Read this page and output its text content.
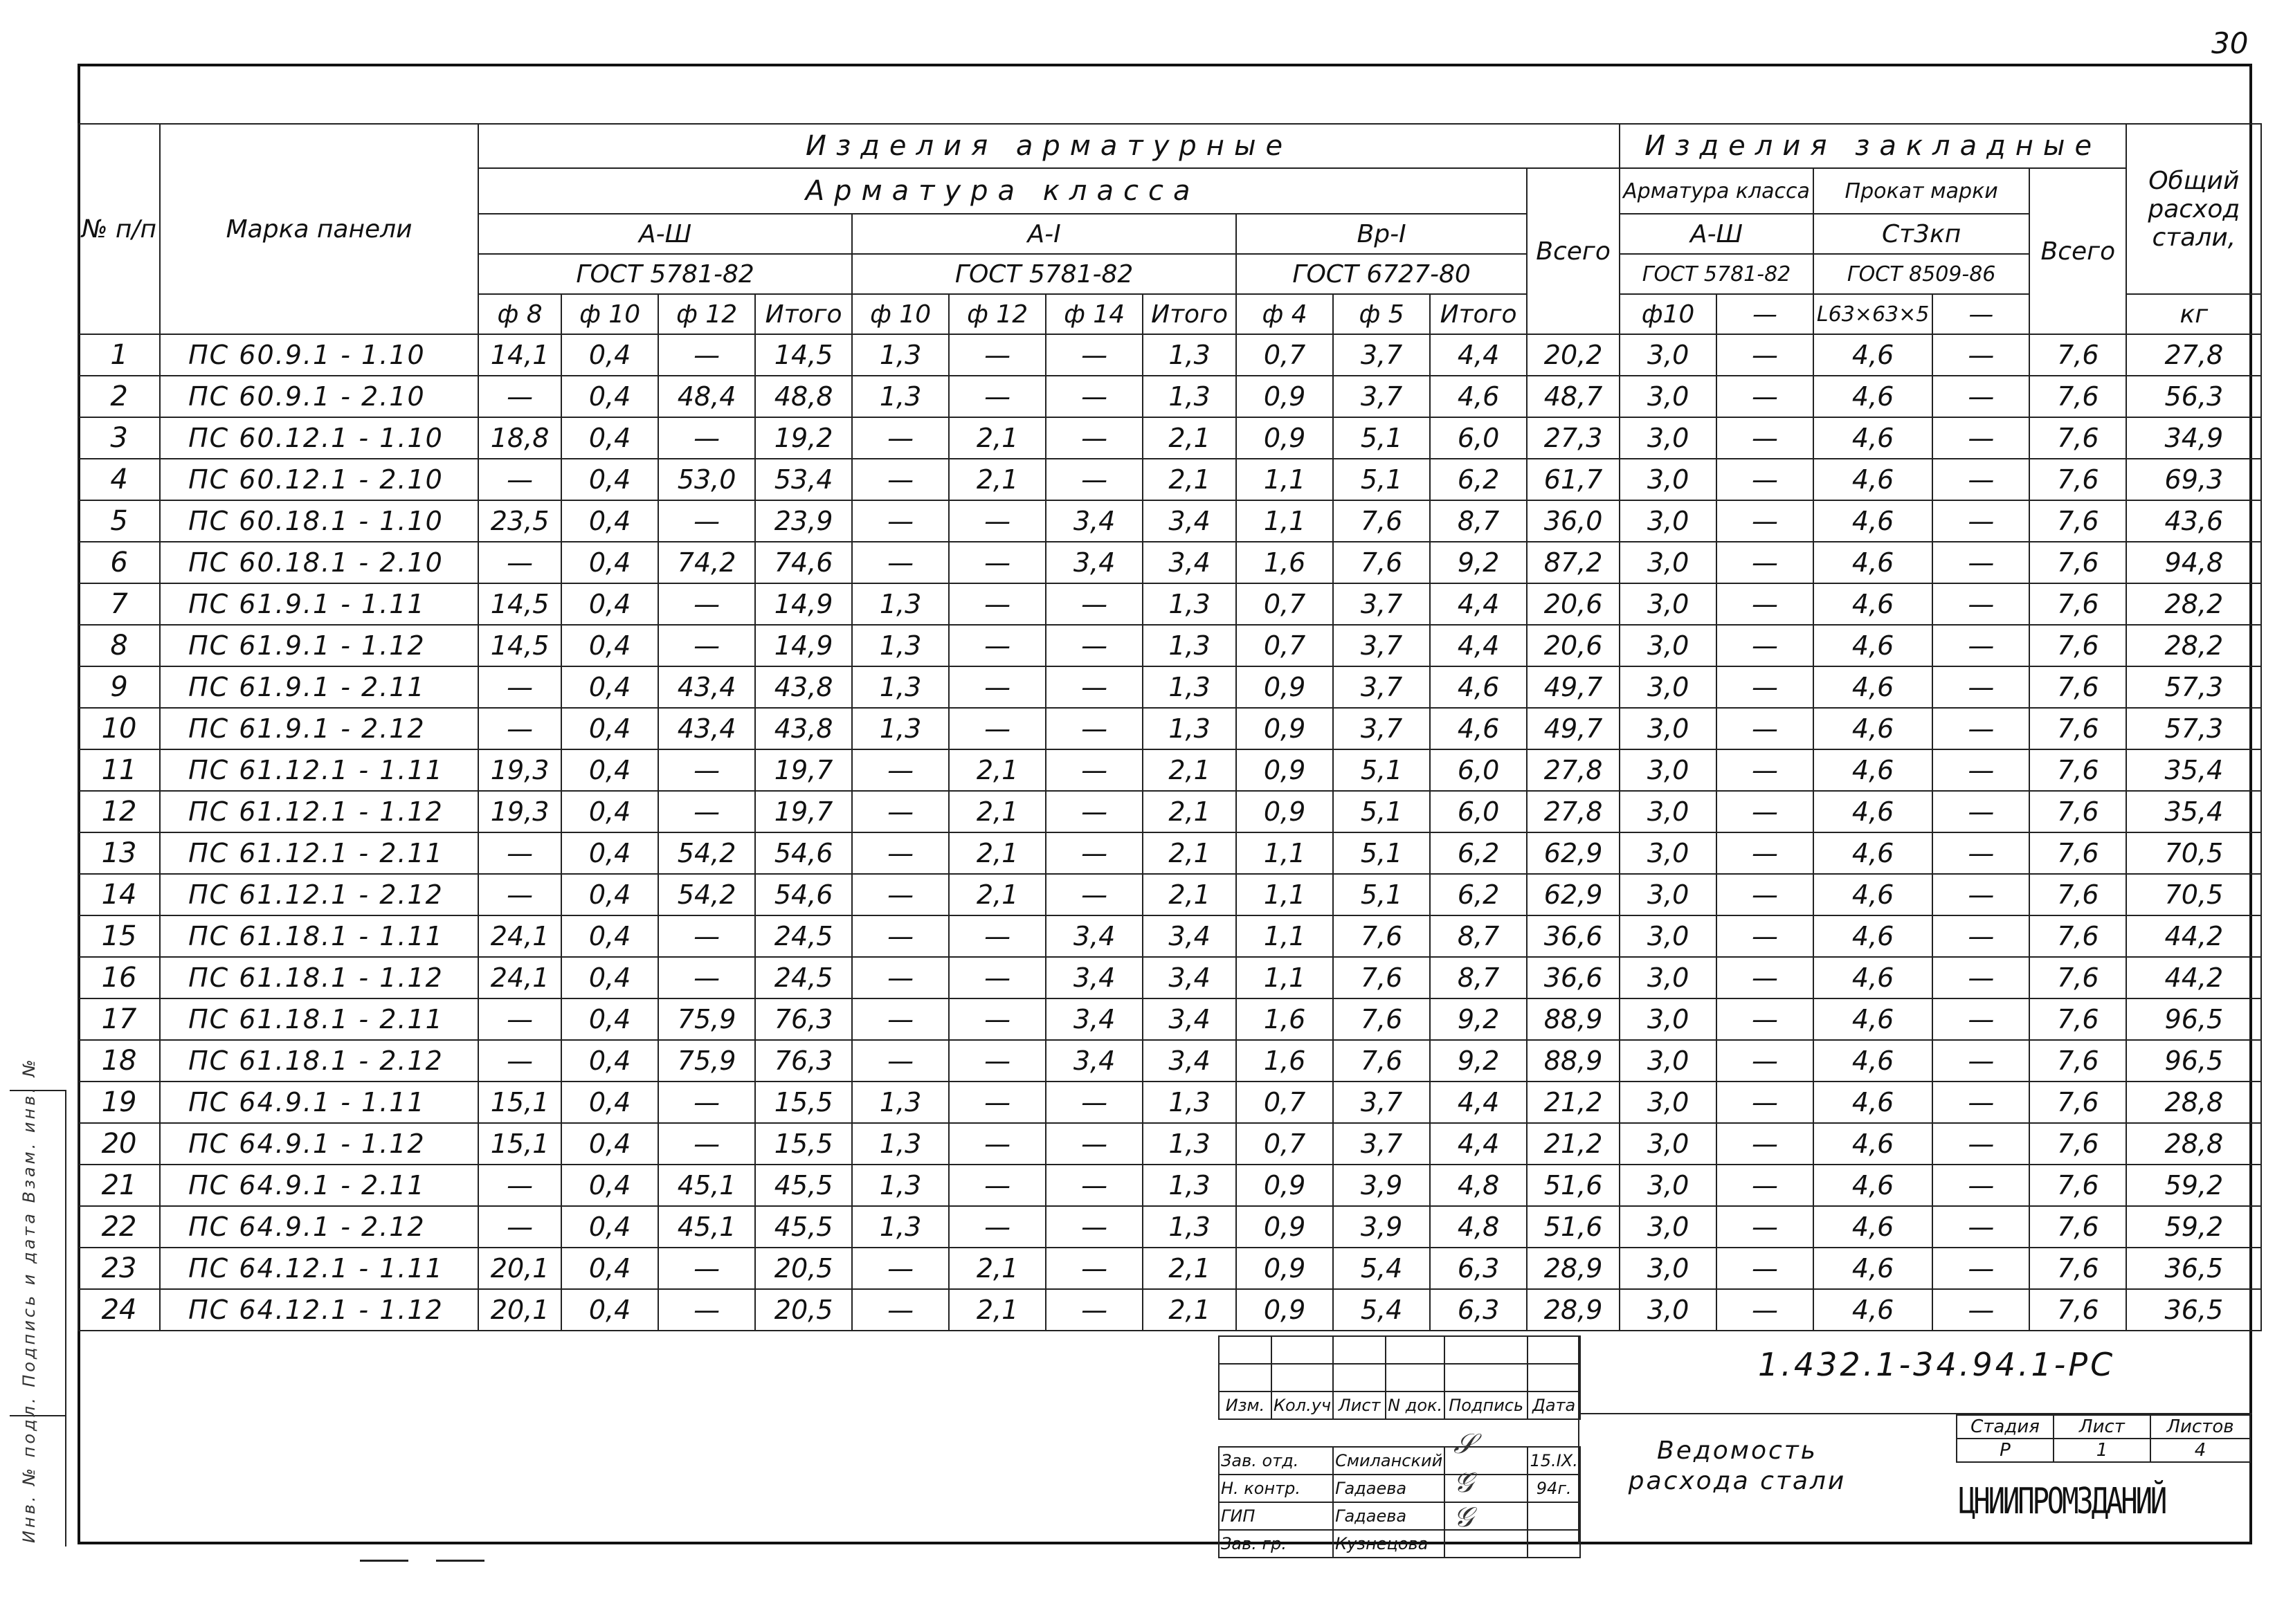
30
№ п/п	Марка панели	Изделия арматурные												Изделия закладные					Общий расход стали,
		Арматура класса											Всего	Арматура класса		Прокат марки		Всего	
		А-Ш				А-I				Вр-I				А-Ш		Ст3кп			
		ГОСТ 5781-82				ГОСТ 5781-82				ГОСТ 6727-80				ГОСТ 5781-82		ГОСТ 8509-86			
		ф 8	ф 10	ф 12	Итого	ф 10	ф 12	ф 14	Итого	ф 4	ф 5	Итого		ф10	—	L63×63×5	—		кг
1	ПС 60.9.1 - 1.10	14,1	0,4	—	14,5	1,3	—	—	1,3	0,7	3,7	4,4	20,2	3,0	—	4,6	—	7,6	27,8
2	ПС 60.9.1 - 2.10	—	0,4	48,4	48,8	1,3	—	—	1,3	0,9	3,7	4,6	48,7	3,0	—	4,6	—	7,6	56,3
3	ПС 60.12.1 - 1.10	18,8	0,4	—	19,2	—	2,1	—	2,1	0,9	5,1	6,0	27,3	3,0	—	4,6	—	7,6	34,9
4	ПС 60.12.1 - 2.10	—	0,4	53,0	53,4	—	2,1	—	2,1	1,1	5,1	6,2	61,7	3,0	—	4,6	—	7,6	69,3
5	ПС 60.18.1 - 1.10	23,5	0,4	—	23,9	—	—	3,4	3,4	1,1	7,6	8,7	36,0	3,0	—	4,6	—	7,6	43,6
6	ПС 60.18.1 - 2.10	—	0,4	74,2	74,6	—	—	3,4	3,4	1,6	7,6	9,2	87,2	3,0	—	4,6	—	7,6	94,8
7	ПС 61.9.1 - 1.11	14,5	0,4	—	14,9	1,3	—	—	1,3	0,7	3,7	4,4	20,6	3,0	—	4,6	—	7,6	28,2
8	ПС 61.9.1 - 1.12	14,5	0,4	—	14,9	1,3	—	—	1,3	0,7	3,7	4,4	20,6	3,0	—	4,6	—	7,6	28,2
9	ПС 61.9.1 - 2.11	—	0,4	43,4	43,8	1,3	—	—	1,3	0,9	3,7	4,6	49,7	3,0	—	4,6	—	7,6	57,3
10	ПС 61.9.1 - 2.12	—	0,4	43,4	43,8	1,3	—	—	1,3	0,9	3,7	4,6	49,7	3,0	—	4,6	—	7,6	57,3
11	ПС 61.12.1 - 1.11	19,3	0,4	—	19,7	—	2,1	—	2,1	0,9	5,1	6,0	27,8	3,0	—	4,6	—	7,6	35,4
12	ПС 61.12.1 - 1.12	19,3	0,4	—	19,7	—	2,1	—	2,1	0,9	5,1	6,0	27,8	3,0	—	4,6	—	7,6	35,4
13	ПС 61.12.1 - 2.11	—	0,4	54,2	54,6	—	2,1	—	2,1	1,1	5,1	6,2	62,9	3,0	—	4,6	—	7,6	70,5
14	ПС 61.12.1 - 2.12	—	0,4	54,2	54,6	—	2,1	—	2,1	1,1	5,1	6,2	62,9	3,0	—	4,6	—	7,6	70,5
15	ПС 61.18.1 - 1.11	24,1	0,4	—	24,5	—	—	3,4	3,4	1,1	7,6	8,7	36,6	3,0	—	4,6	—	7,6	44,2
16	ПС 61.18.1 - 1.12	24,1	0,4	—	24,5	—	—	3,4	3,4	1,1	7,6	8,7	36,6	3,0	—	4,6	—	7,6	44,2
17	ПС 61.18.1 - 2.11	—	0,4	75,9	76,3	—	—	3,4	3,4	1,6	7,6	9,2	88,9	3,0	—	4,6	—	7,6	96,5
18	ПС 61.18.1 - 2.12	—	0,4	75,9	76,3	—	—	3,4	3,4	1,6	7,6	9,2	88,9	3,0	—	4,6	—	7,6	96,5
19	ПС 64.9.1 - 1.11	15,1	0,4	—	15,5	1,3	—	—	1,3	0,7	3,7	4,4	21,2	3,0	—	4,6	—	7,6	28,8
20	ПС 64.9.1 - 1.12	15,1	0,4	—	15,5	1,3	—	—	1,3	0,7	3,7	4,4	21,2	3,0	—	4,6	—	7,6	28,8
21	ПС 64.9.1 - 2.11	—	0,4	45,1	45,5	1,3	—	—	1,3	0,9	3,9	4,8	51,6	3,0	—	4,6	—	7,6	59,2
22	ПС 64.9.1 - 2.12	—	0,4	45,1	45,5	1,3	—	—	1,3	0,9	3,9	4,8	51,6	3,0	—	4,6	—	7,6	59,2
23	ПС 64.12.1 - 1.11	20,1	0,4	—	20,5	—	2,1	—	2,1	0,9	5,4	6,3	28,9	3,0	—	4,6	—	7,6	36,5
24	ПС 64.12.1 - 1.12	20,1	0,4	—	20,5	—	2,1	—	2,1	0,9	5,4	6,3	28,9	3,0	—	4,6	—	7,6	36,5

Изм.	Кол.уч	Лист	N док.	Подпись	Дата

Зав. отд.		Смиланский			15.IX.
Н. контр.		Гадаева			94г.
ГИП		Гадаева			
Зав. гр.		Кузнецова			
𝒮
𝒢
𝒢
1.432.1-34.94.1-РС
Ведомость расхода стали
Стадия	Лист	Листов
Р	1	4
ЦНИИПРОМЗДАНИЙ
Инв. № подл. Подпись и дата Взам. инв. №
